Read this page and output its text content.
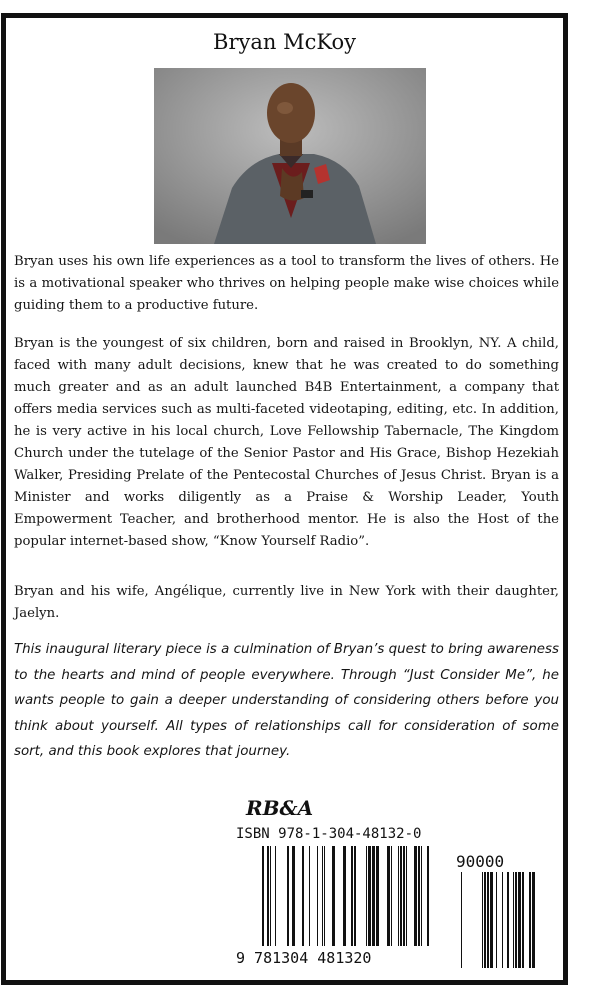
Bryan McKoy
Bryan uses his own life experiences as a tool to transform the lives of others. He is a motivational speaker who thrives on helping people make wise choices while guiding them to a productive future.
Bryan is the youngest of six children, born and raised in Brooklyn, NY. A child, faced with many adult decisions, knew that he was created to do something much greater and as an adult launched B4B Entertainment, a company that offers media services such as multi-faceted videotaping, editing, etc. In addition, he is very active in his local church, Love Fellowship Tabernacle, The Kingdom Church under the tutelage of the Senior Pastor and His Grace, Bishop Hezekiah Walker, Presiding Prelate of the Pentecostal Churches of Jesus Christ. Bryan is a Minister and works diligently as a Praise & Worship Leader, Youth Empowerment Teacher, and brotherhood mentor. He is also the Host of the popular internet-based show, “Know Yourself Radio”.
Bryan and his wife, Angélique, currently live in New York with their daughter, Jaelyn.
This inaugural literary piece is a culmination of Bryan’s quest to bring awareness to the hearts and mind of people everywhere. Through “Just Consider Me”, he wants people to gain a deeper understanding of considering others before you think about yourself. All types of relationships call for consideration of some sort, and this book explores that journey.
RB&A
ISBN 978-1-304-48132-0
90000
9 781304 481320
